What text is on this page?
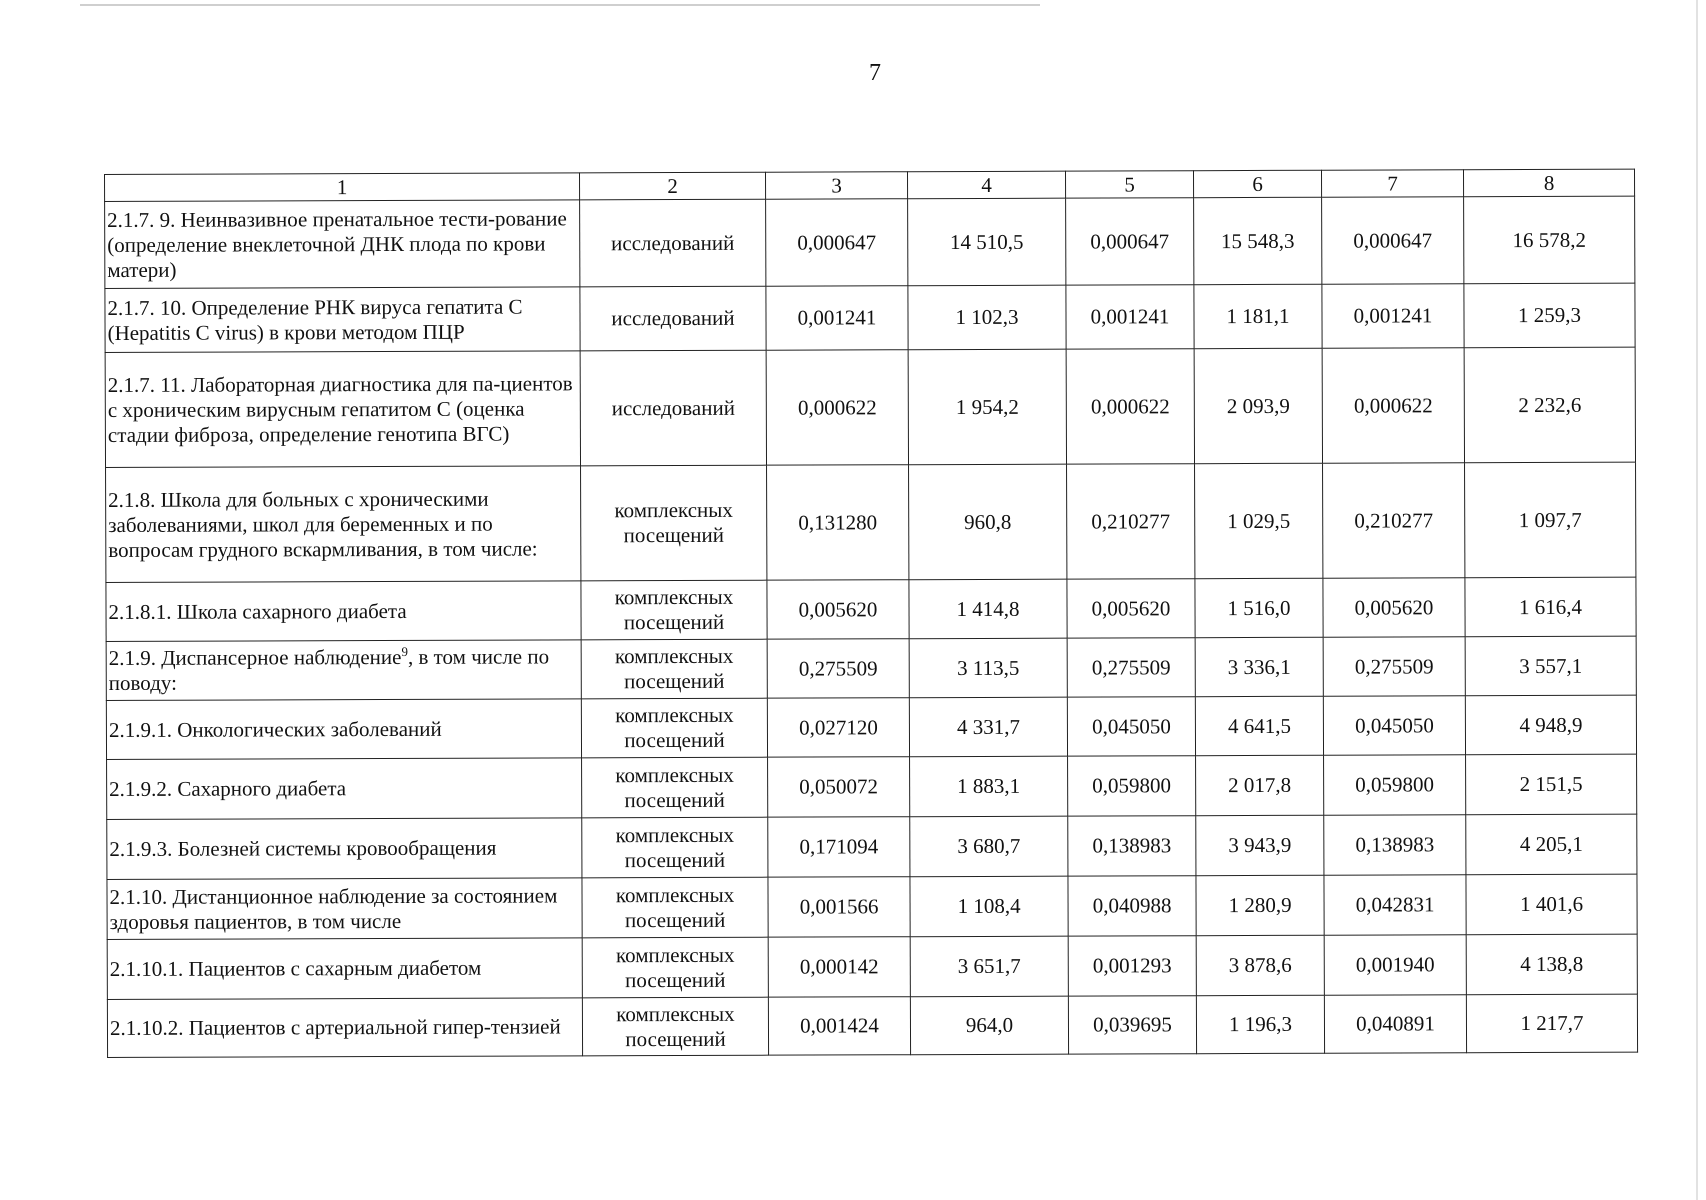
7
1	2	3	4	5	6	7	8
2.1.7. 9. Неинвазивное пренатальное тести-рование (определение внеклеточной ДНК плода по крови матери)	исследований	0,000647	14 510,5	0,000647	15 548,3	0,000647	16 578,2
2.1.7. 10. Определение РНК вируса гепатита С (Hepatitis C virus) в крови методом ПЦР	исследований	0,001241	1 102,3	0,001241	1 181,1	0,001241	1 259,3
2.1.7. 11. Лабораторная диагностика для па-циентов с хроническим вирусным гепатитом С (оценка стадии фиброза, определение генотипа ВГС)	исследований	0,000622	1 954,2	0,000622	2 093,9	0,000622	2 232,6
2.1.8. Школа для больных с хроническими заболеваниями, школ для беременных и по вопросам грудного вскармливания, в том числе:	комплексных посещений	0,131280	960,8	0,210277	1 029,5	0,210277	1 097,7
2.1.8.1. Школа сахарного диабета	комплексных посещений	0,005620	1 414,8	0,005620	1 516,0	0,005620	1 616,4
2.1.9. Диспансерное наблюдение$^9$, в том числе по поводу:	комплексных посещений	0,275509	3 113,5	0,275509	3 336,1	0,275509	3 557,1
2.1.9.1. Онкологических заболеваний	комплексных посещений	0,027120	4 331,7	0,045050	4 641,5	0,045050	4 948,9
2.1.9.2. Сахарного диабета	комплексных посещений	0,050072	1 883,1	0,059800	2 017,8	0,059800	2 151,5
2.1.9.3. Болезней системы кровообращения	комплексных посещений	0,171094	3 680,7	0,138983	3 943,9	0,138983	4 205,1
2.1.10. Дистанционное наблюдение за состоянием здоровья пациентов, в том числе	комплексных посещений	0,001566	1 108,4	0,040988	1 280,9	0,042831	1 401,6
2.1.10.1. Пациентов с сахарным диабетом	комплексных посещений	0,000142	3 651,7	0,001293	3 878,6	0,001940	4 138,8
2.1.10.2. Пациентов с артериальной гипер-тензией	комплексных посещений	0,001424	964,0	0,039695	1 196,3	0,040891	1 217,7
